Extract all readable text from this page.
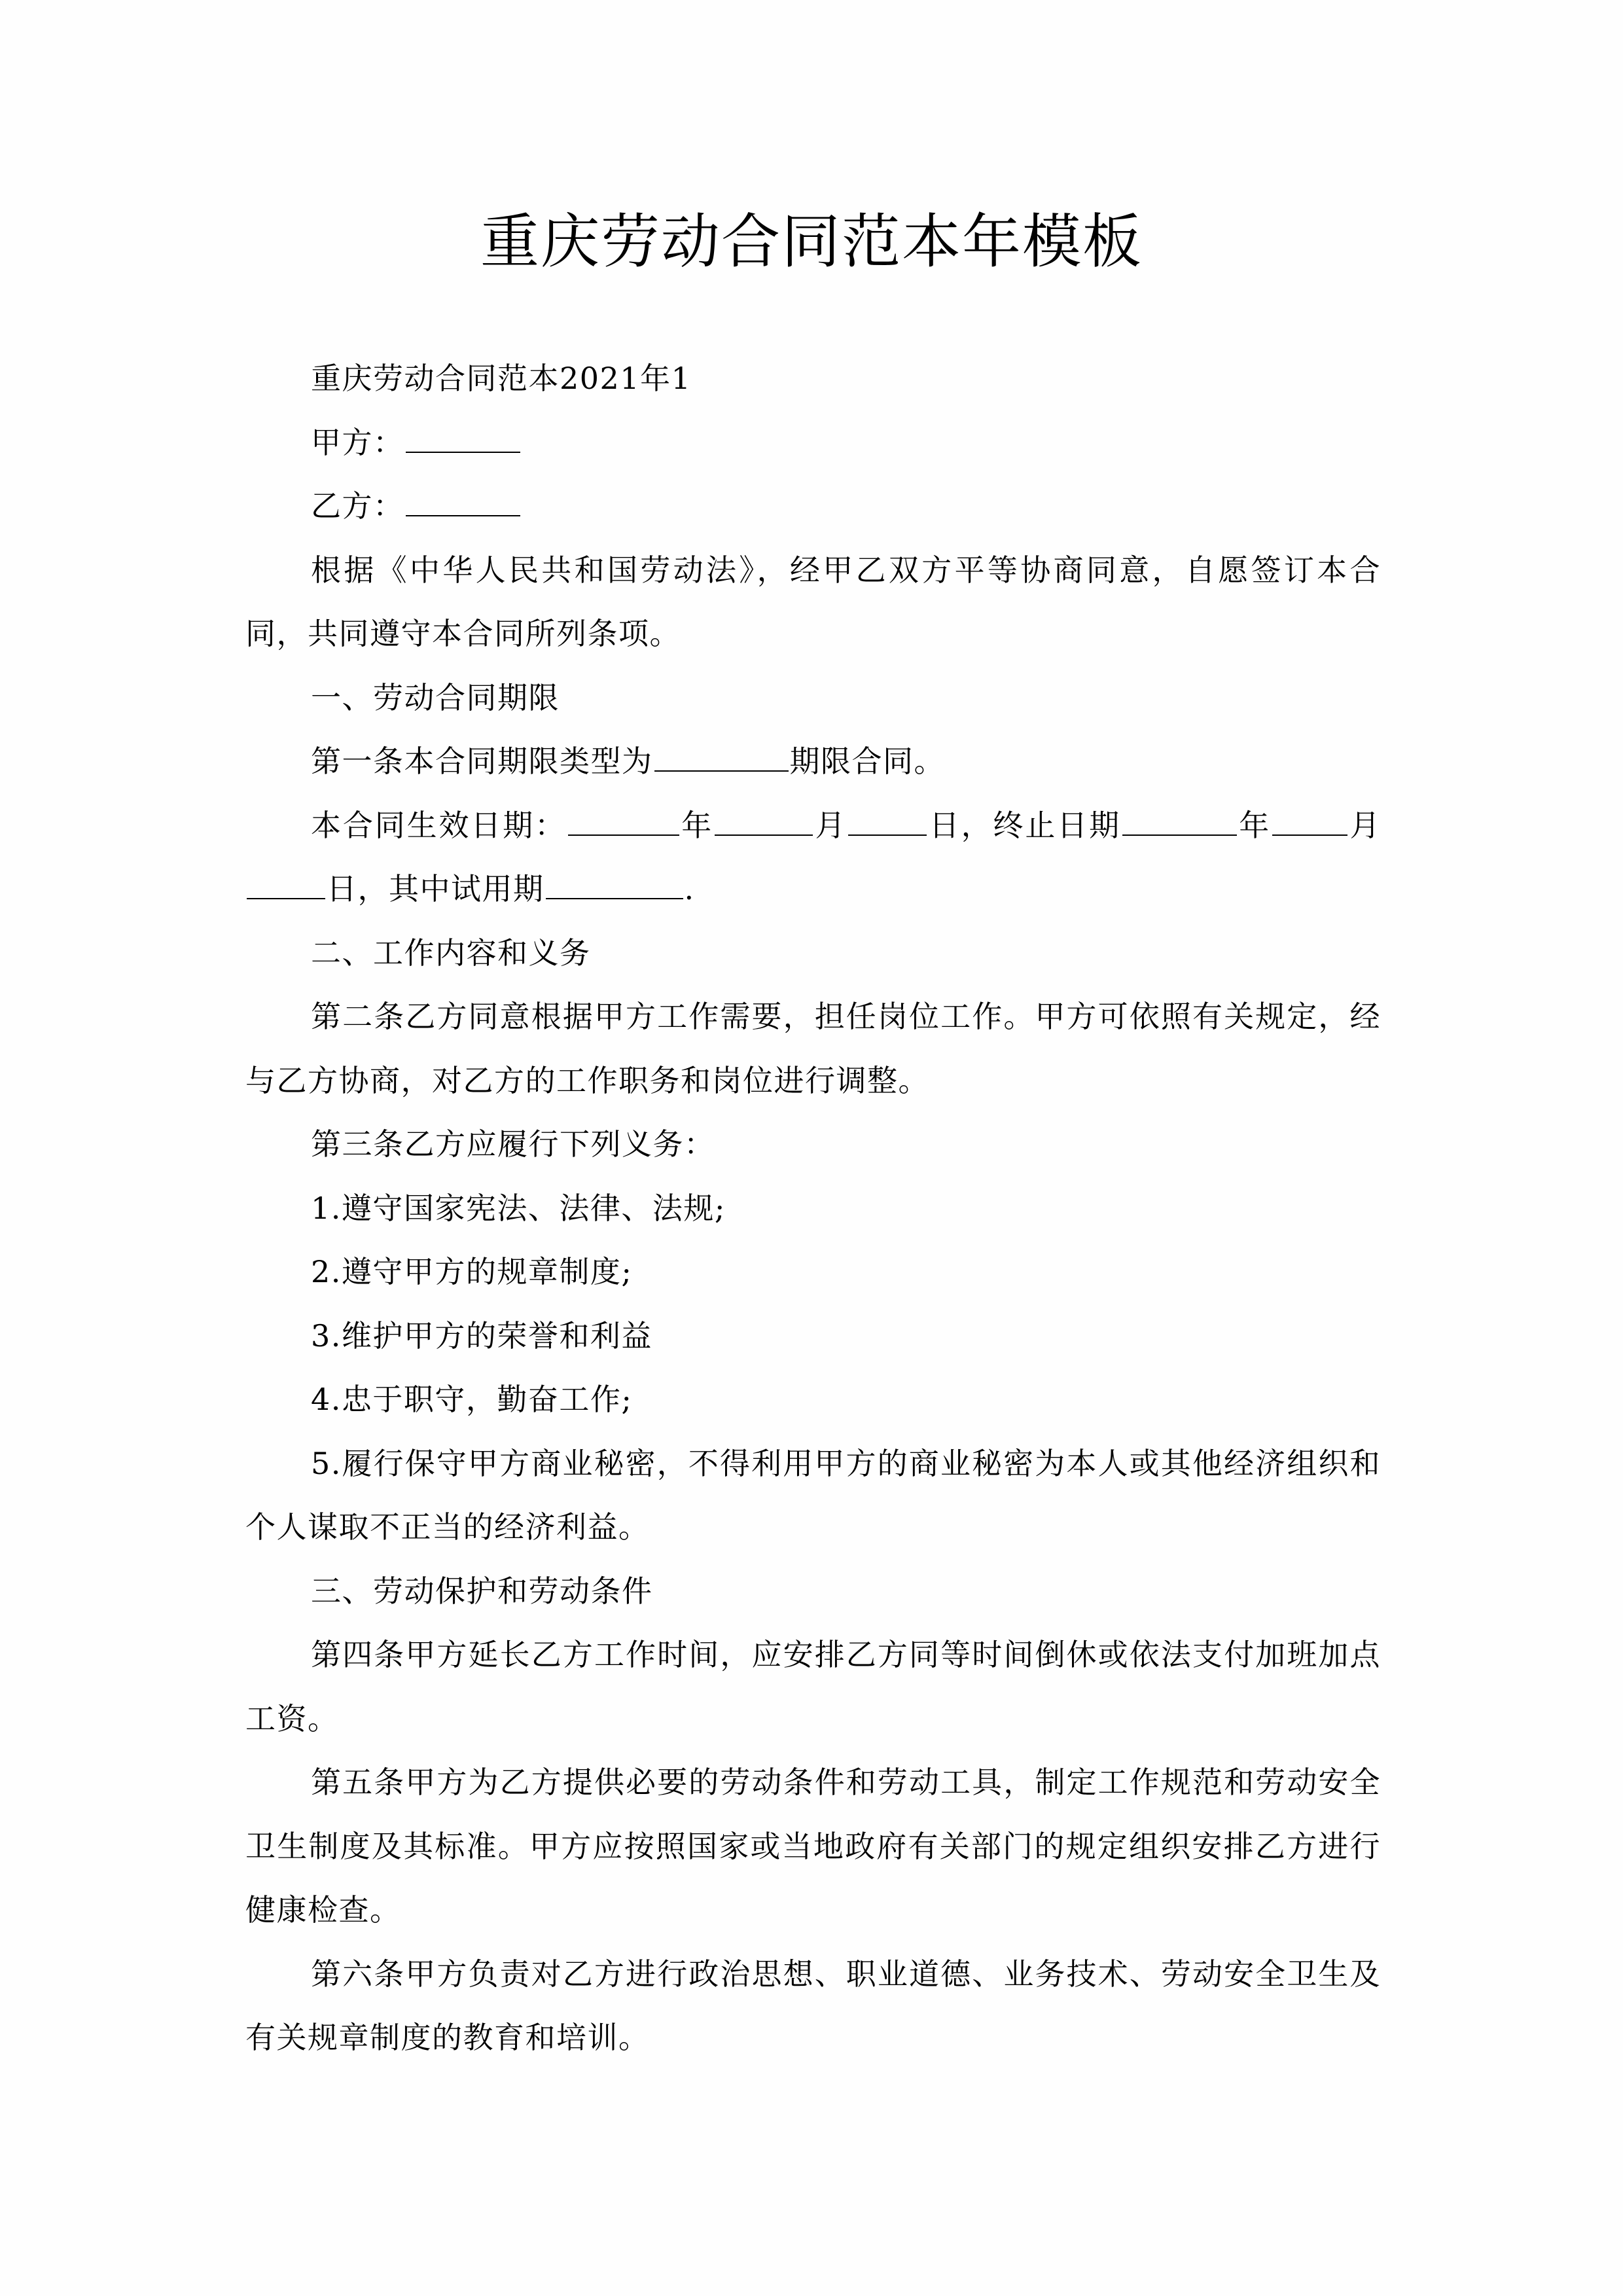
重庆劳动合同范本年模板

重庆劳动合同范本2021年1

甲方：

乙方：

根据《中华人民共和国劳动法》，经甲乙双方平等协商同意，自愿签订本合同，共同遵守本合同所列条项。

一、劳动合同期限

第一条本合同期限类型为	期限合同。

本合同生效日期：	年	月	日，终止日期	年	月日，其中试用期	.

二、工作内容和义务

第二条乙方同意根据甲方工作需要，担任岗位工作。甲方可依照有关规定，经与乙方协商，对乙方的工作职务和岗位进行调整。

第三条乙方应履行下列义务：

1.遵守国家宪法、法律、法规;

2.遵守甲方的规章制度;

3.维护甲方的荣誉和利益

4.忠于职守，勤奋工作;

5.履行保守甲方商业秘密，不得利用甲方的商业秘密为本人或其他经济组织和个人谋取不正当的经济利益。

三、劳动保护和劳动条件

第四条甲方延长乙方工作时间，应安排乙方同等时间倒休或依法支付加班加点工资。

第五条甲方为乙方提供必要的劳动条件和劳动工具，制定工作规范和劳动安全卫生制度及其标准。甲方应按照国家或当地政府有关部门的规定组织安排乙方进行健康检查。

第六条甲方负责对乙方进行政治思想、职业道德、业务技术、劳动安全卫生及有关规章制度的教育和培训。
